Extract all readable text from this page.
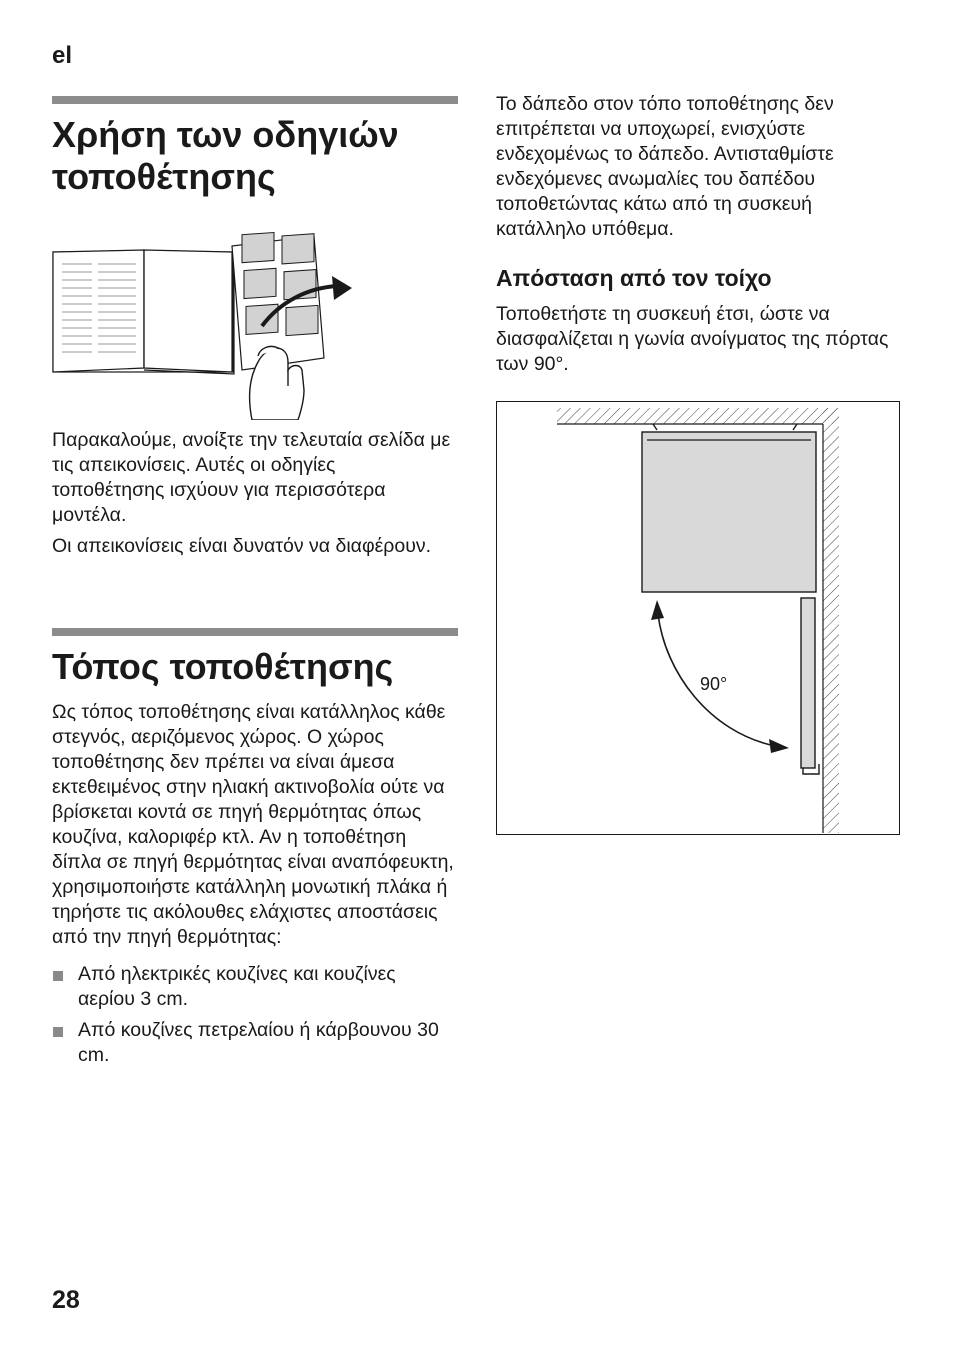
el
28
Χρήση των οδηγιών
τοποθέτησης

Παρακαλούμε, ανοίξτε την τελευταία σελίδα με τις απεικονίσεις. Αυτές οι οδηγίες τοποθέτησης ισχύουν για περισσότερα μοντέλα.

Οι απεικονίσεις είναι δυνατόν να διαφέρουν.

Τόπος τοποθέτησης

Ως τόπος τοποθέτησης είναι κατάλληλος κάθε στεγνός, αεριζόμενος χώρος. Ο χώρος τοποθέτησης δεν πρέπει να είναι άμεσα εκτεθειμένος στην ηλιακή ακτινοβολία ούτε να βρίσκεται κοντά σε πηγή θερμότητας όπως κουζίνα, καλοριφέρ κτλ. Αν η τοποθέτηση δίπλα σε πηγή θερμότητας είναι αναπόφευκτη, χρησιμοποιήστε κατάλληλη μονωτική πλάκα ή τηρήστε τις ακόλουθες ελάχιστες αποστάσεις από την πηγή θερμότητας:

Από ηλεκτρικές κουζίνες και κουζίνες αερίου 3 cm.
Από κουζίνες πετρελαίου ή κάρβουνου 30 cm.

Το δάπεδο στον τόπο τοποθέτησης δεν επιτρέπεται να υποχωρεί, ενισχύστε ενδεχομένως το δάπεδο. Αντισταθμίστε ενδεχόμενες ανωμαλίες του δαπέδου τοποθετώντας κάτω από τη συσκευή κατάλληλο υπόθεμα.

Απόσταση από τον τοίχο

Τοποθετήστε τη συσκευή έτσι, ώστε να διασφαλίζεται η γωνία ανοίγματος της πόρτας των 90°.

90°
